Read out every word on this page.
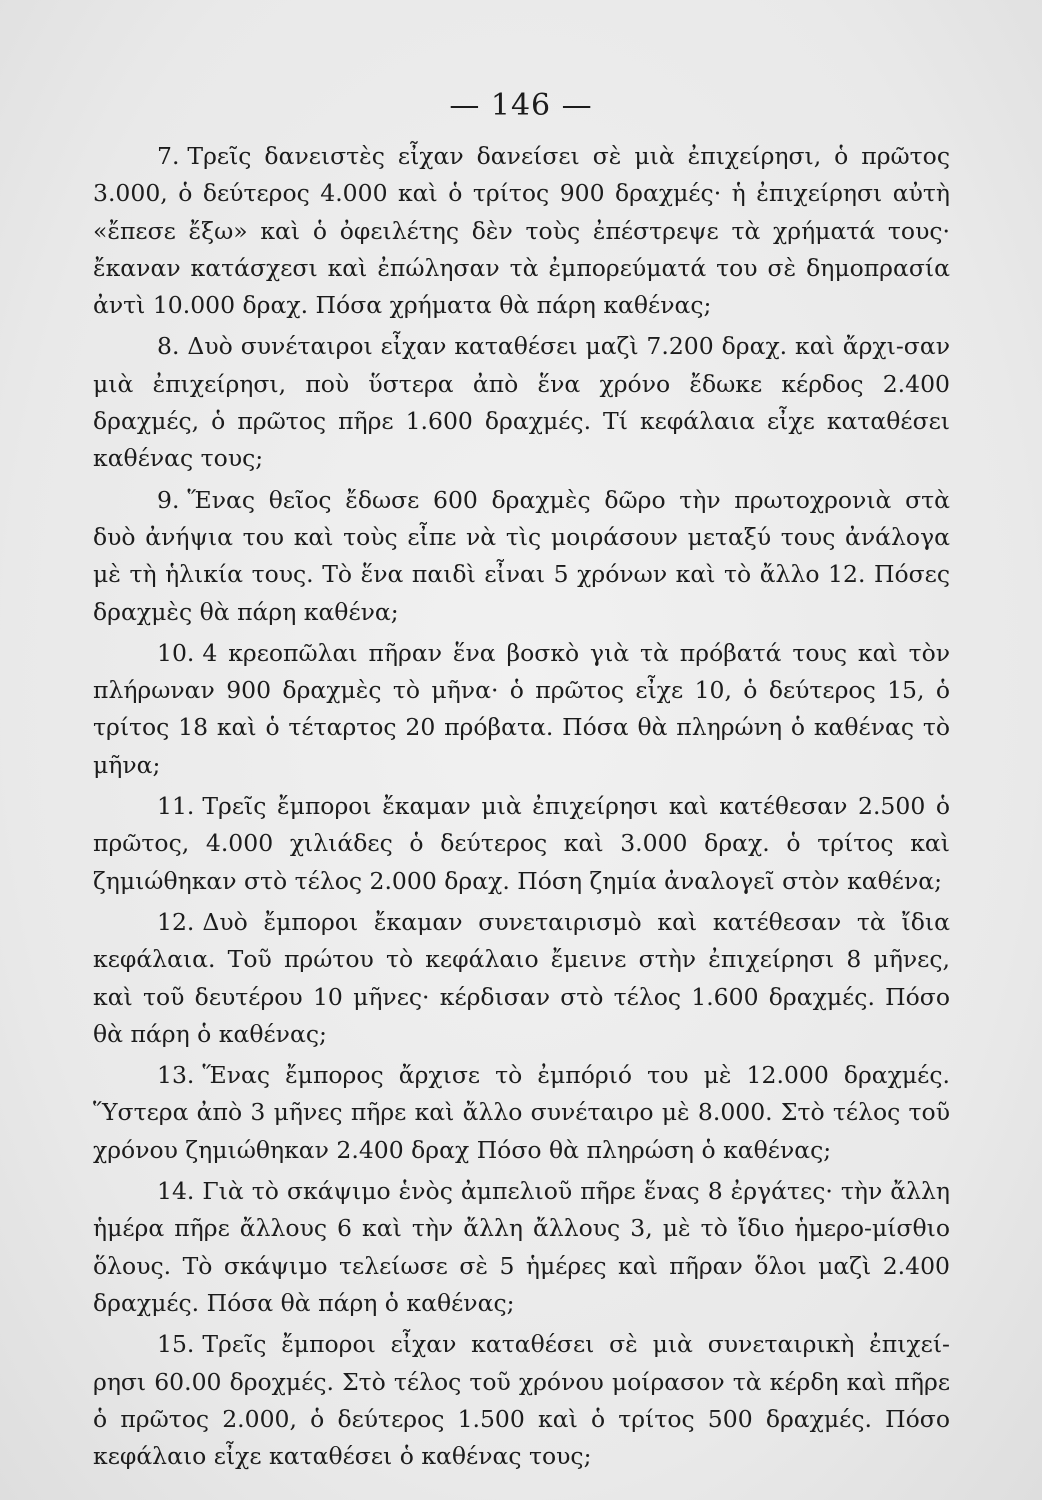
— 146 —

7. Τρεῖς δανειστὲς εἶχαν δανείσει σὲ μιὰ ἐπιχείρησι, ὁ πρῶτος 3.000, ὁ δεύτερος 4.000 καὶ ὁ τρίτος 900 δραχμές· ἡ ἐπιχείρησι αὐτὴ «ἔπεσε ἔξω» καὶ ὁ ὀφειλέτης δὲν τοὺς ἐπέστρεψε τὰ χρήματά τους· ἔκαναν κατάσχεσι καὶ ἐπώλησαν τὰ ἐμπορεύματά του σὲ δημοπρασία ἀντὶ 10.000 δραχ. Πόσα χρήματα θὰ πάρη καθένας;

8. Δυὸ συνέταιροι εἶχαν καταθέσει μαζὶ 7.200 δραχ. καὶ ἄρχι-σαν μιὰ ἐπιχείρησι, ποὺ ὕστερα ἀπὸ ἕνα χρόνο ἔδωκε κέρδος 2.400 δραχμές, ὁ πρῶτος πῆρε 1.600 δραχμές. Τί κεφάλαια εἶχε καταθέσει καθένας τους;

9. Ἕνας θεῖος ἔδωσε 600 δραχμὲς δῶρο τὴν πρωτοχρονιὰ στὰ δυὸ ἀνήψια του καὶ τοὺς εἶπε νὰ τὶς μοιράσουν μεταξύ τους ἀνάλογα μὲ τὴ ἡλικία τους. Τὸ ἕνα παιδὶ εἶναι 5 χρόνων καὶ τὸ ἄλλο 12. Πόσες δραχμὲς θὰ πάρη καθένα;

10. 4 κρεοπῶλαι πῆραν ἕνα βοσκὸ γιὰ τὰ πρόβατά τους καὶ τὸν πλήρωναν 900 δραχμὲς τὸ μῆνα· ὁ πρῶτος εἶχε 10, ὁ δεύτερος 15, ὁ τρίτος 18 καὶ ὁ τέταρτος 20 πρόβατα. Πόσα θὰ πληρώνη ὁ καθένας τὸ μῆνα;

11. Τρεῖς ἔμποροι ἔκαμαν μιὰ ἐπιχείρησι καὶ κατέθεσαν 2.500 ὁ πρῶτος, 4.000 χιλιάδες ὁ δεύτερος καὶ 3.000 δραχ. ὁ τρίτος καὶ ζημιώθηκαν στὸ τέλος 2.000 δραχ. Πόση ζημία ἀναλογεῖ στὸν καθένα;

12. Δυὸ ἔμποροι ἔκαμαν συνεταιρισμὸ καὶ κατέθεσαν τὰ ἴδια κεφάλαια. Τοῦ πρώτου τὸ κεφάλαιο ἔμεινε στὴν ἐπιχείρησι 8 μῆνες, καὶ τοῦ δευτέρου 10 μῆνες· κέρδισαν στὸ τέλος 1.600 δραχμές. Πόσο θὰ πάρη ὁ καθένας;

13. Ἕνας ἔμπορος ἄρχισε τὸ ἐμπόριό του μὲ 12.000 δραχμές. Ὕστερα ἀπὸ 3 μῆνες πῆρε καὶ ἄλλο συνέταιρο μὲ 8.000. Στὸ τέλος τοῦ χρόνου ζημιώθηκαν 2.400 δραχ Πόσο θὰ πληρώση ὁ καθένας;

14. Γιὰ τὸ σκάψιμο ἑνὸς ἀμπελιοῦ πῆρε ἕνας 8 ἐργάτες· τὴν ἄλλη ἡμέρα πῆρε ἄλλους 6 καὶ τὴν ἄλλη ἄλλους 3, μὲ τὸ ἴδιο ἡμερο-μίσθιο ὅλους. Τὸ σκάψιμο τελείωσε σὲ 5 ἡμέρες καὶ πῆραν ὅλοι μαζὶ 2.400 δραχμές. Πόσα θὰ πάρη ὁ καθένας;

15. Τρεῖς ἔμποροι εἶχαν καταθέσει σὲ μιὰ συνεταιρικὴ ἐπιχεί-ρησι 60.00 δροχμές. Στὸ τέλος τοῦ χρόνου μοίρασον τὰ κέρδη καὶ πῆρε ὁ πρῶτος 2.000, ὁ δεύτερος 1.500 καὶ ὁ τρίτος 500 δραχμές. Πόσο κεφάλαιο εἶχε καταθέσει ὁ καθένας τους;
